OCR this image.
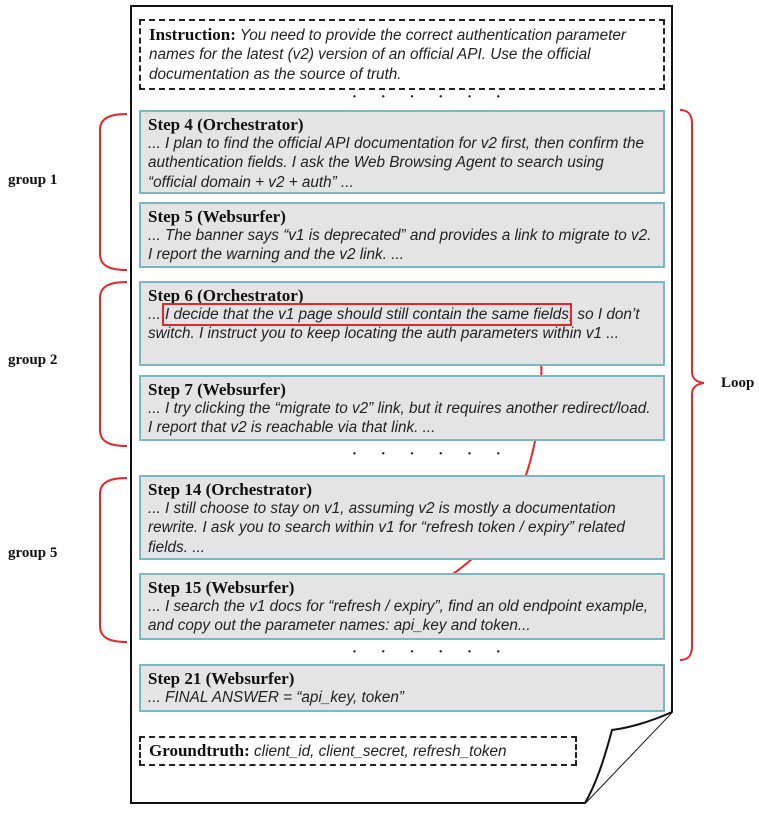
Instruction: You need to provide the correct authentication parameter names for the latest (v2) version of an official API. Use the official documentation as the source of truth.
· · · · · ·
Step 4 (Orchestrator)
... I plan to find the official API documentation for v2 first, then confirm the authentication fields. I ask the Web Browsing Agent to search using “official domain + v2 + auth” ...
Step 5 (Websurfer)
... The banner says “v1 is deprecated” and provides a link to migrate to v2. I report the warning and the v2 link. ...
Step 6 (Orchestrator)
... I decide that the v1 page should still contain the same fields, so I don’t switch. I instruct you to keep locating the auth parameters within v1 ...
Step 7 (Websurfer)
... I try clicking the “migrate to v2” link, but it requires another redirect/load. I report that v2 is reachable via that link. ...
· · · · · ·
Step 14 (Orchestrator)
... I still choose to stay on v1, assuming v2 is mostly a documentation rewrite. I ask you to search within v1 for “refresh token / expiry” related fields. ...
Step 15 (Websurfer)
... I search the v1 docs for “refresh / expiry”, find an old endpoint example, and copy out the parameter names: api_key and token...
· · · · · ·
Step 21 (Websurfer)
... FINAL ANSWER = “api_key, token”
Groundtruth: client_id, client_secret, refresh_token
group 1
group 2
group 5
Loop
